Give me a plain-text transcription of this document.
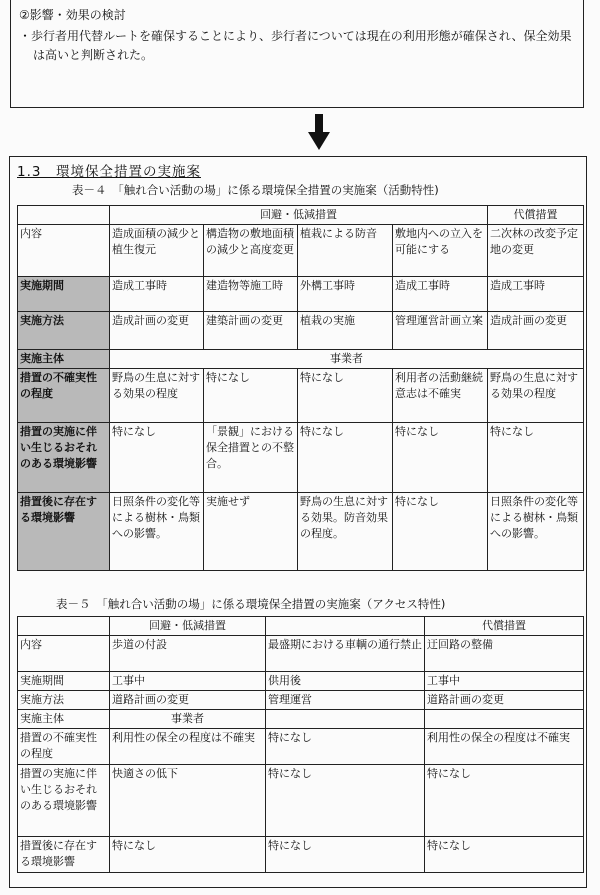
②影響・効果の検討
・歩行者用代替ルートを確保することにより、歩行者については現在の利用形態が確保され、保全効果は高いと判断された。
1.3　環境保全措置の実施案
表－４　「触れ合い活動の場」に係る環境保全措置の実施案（活動特性)
	回避・低減措置				代償措置
内容	造成面積の減少と植生復元	構造物の敷地面積の減少と高度変更	植栽による防音	敷地内への立入を可能にする	二次林の改変予定地の変更
実施期間	造成工事時	建造物等施工時	外構工事時	造成工事時	造成工事時
実施方法	造成計画の変更	建築計画の変更	植栽の実施	管理運営計画立案	造成計画の変更
実施主体	事業者				
措置の不確実性の程度	野鳥の生息に対する効果の程度	特になし	特になし	利用者の活動継続意志は不確実	野鳥の生息に対する効果の程度
措置の実施に伴い生じるおそれのある環境影響	特になし	「景観」における保全措置との不整合。	特になし	特になし	特になし
措置後に存在する環境影響	日照条件の変化等による樹林・鳥類への影響。	実施せず	野鳥の生息に対する効果。防音効果の程度。	特になし	日照条件の変化等による樹林・鳥類への影響。
表－５　「触れ合い活動の場」に係る環境保全措置の実施案（アクセス特性)
	回避・低減措置		代償措置
内容	歩道の付設	最盛期における車輌の通行禁止	迂回路の整備
実施期間	工事中	供用後	工事中
実施方法	道路計画の変更	管理運営	道路計画の変更
実施主体	事業者		
措置の不確実性の程度	利用性の保全の程度は不確実	特になし	利用性の保全の程度は不確実
措置の実施に伴い生じるおそれのある環境影響	快適さの低下	特になし	特になし
措置後に存在する環境影響	特になし	特になし	特になし
